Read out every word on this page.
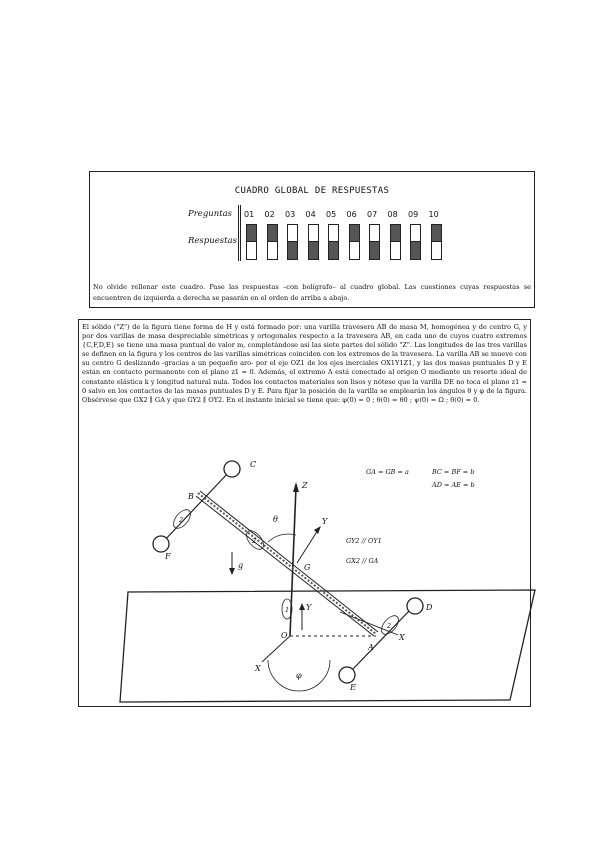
CUADRO GLOBAL DE RESPUESTAS
Preguntas
Respuestas
01 02 03 04 05 06 07 08 09 10
No olvide rellenar este cuadro. Pase las respuestas –con bolígrafo– al cuadro global. Las cuestiones cuyas respuestas se encuentren de izquierda a derecha se pasarán en el orden de arriba a abajo.
El sólido ("Z") de la figura tiene forma de H y está formado por: una varilla travesera AB de masa M, homogénea y de centro G, y por dos varillas de masa despreciable simétricas y ortogonales respecto a la travesera AB, en cada uno de cuyos cuatro extremos {C,F,D,E} se tiene una masa puntual de valor m, completándose así las siete partes del sólido "Z". Las longitudes de las tres varillas se definen en la figura y los centros de las varillas simétricas coinciden con los extremos de la travesera. La varilla AB se mueve con su centro G deslizando -gracias a un pequeño aro- por el eje OZ1 de los ejes inerciales OX1Y1Z1, y las dos masas puntuales D y E están en contacto permanente con el plano z1 = 0. Además, el extremo A está conectado al origen O mediante un resorte ideal de constante elástica k y longitud natural nula. Todos los contactos materiales son lisos y nótese que la varilla DE no toca el plano z1 = 0 salvo en los contactos de las masas puntuales D y E. Para fijar la posición de la varilla se emplearán los ángulos θ y φ de la figura. Obsérvese que GX2 ∥ GA y que GY2 ∥ OY2. En el instante inicial se tiene que: φ(0) = 0 ; θ(0) = θ0 ; ψ(0) = Ω ; θ̇(0) = 0.
C
B
F
Z
θ	Y
g	G
D
O
A
X
X
E
φ
Y
2
2
2
1
GA = GB = a	BC = BF = b
AD = AE = b
GY2 // OY1
GX2 // GA
